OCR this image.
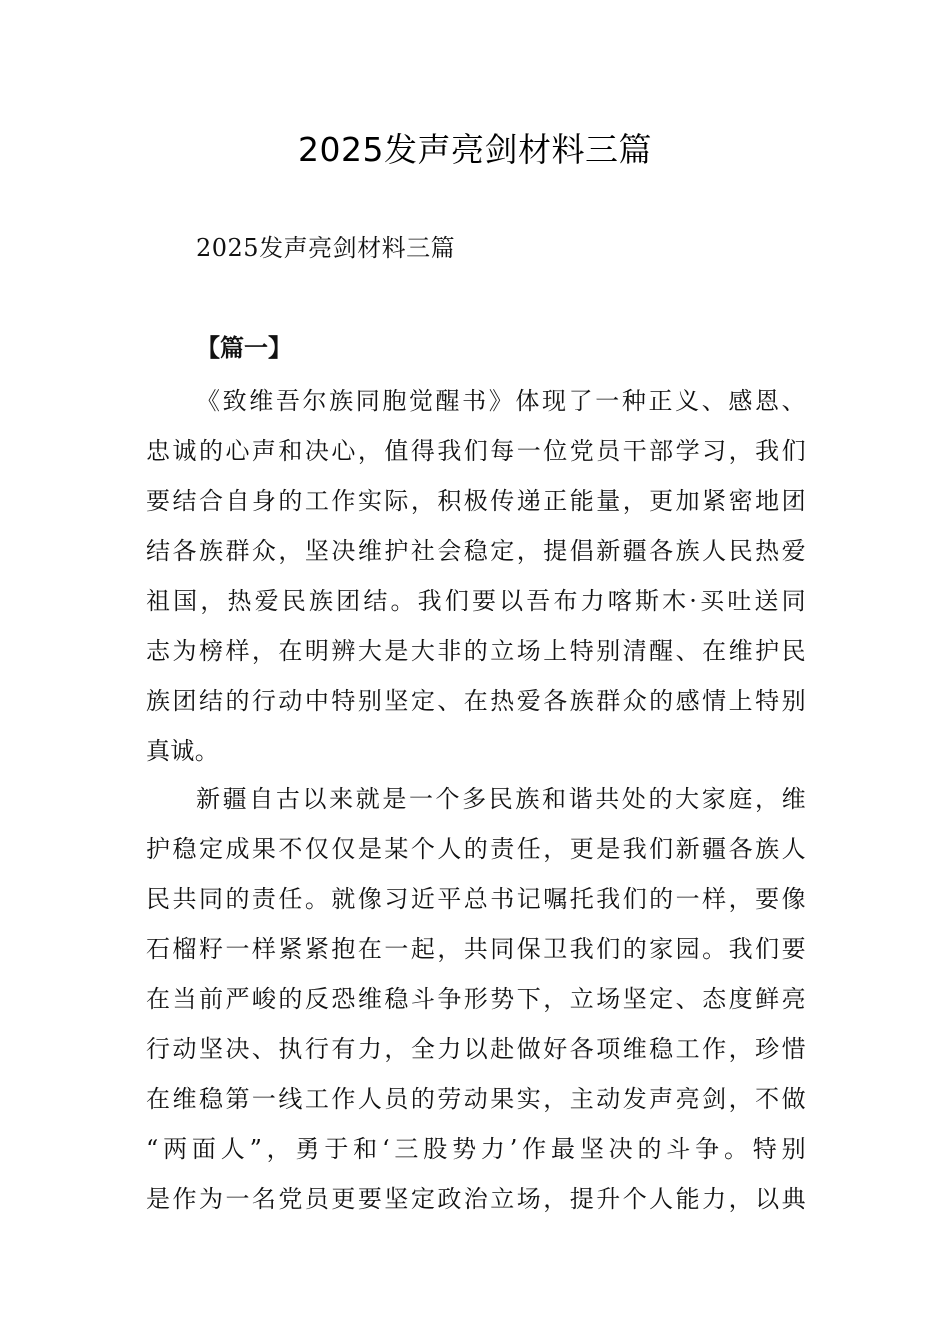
2025发声亮剑材料三篇
2025发声亮剑材料三篇
【篇一】
《致维吾尔族同胞觉醒书》体现了一种正义、感恩、
忠诚的心声和决心，值得我们每一位党员干部学习，我们
要结合自身的工作实际，积极传递正能量，更加紧密地团
结各族群众，坚决维护社会稳定，提倡新疆各族人民热爱
祖国，热爱民族团结。我们要以吾布力喀斯木·买吐送同
志为榜样，在明辨大是大非的立场上特别清醒、在维护民
族团结的行动中特别坚定、在热爱各族群众的感情上特别
真诚。
新疆自古以来就是一个多民族和谐共处的大家庭，维
护稳定成果不仅仅是某个人的责任，更是我们新疆各族人
民共同的责任。就像习近平总书记嘱托我们的一样，要像
石榴籽一样紧紧抱在一起，共同保卫我们的家园。我们要
在当前严峻的反恐维稳斗争形势下，立场坚定、态度鲜亮
行动坚决、执行有力，全力以赴做好各项维稳工作，珍惜
在维稳第一线工作人员的劳动果实，主动发声亮剑，不做
“两面人”，勇于和‘三股势力’作最坚决的斗争。特别
是作为一名党员更要坚定政治立场，提升个人能力，以典
